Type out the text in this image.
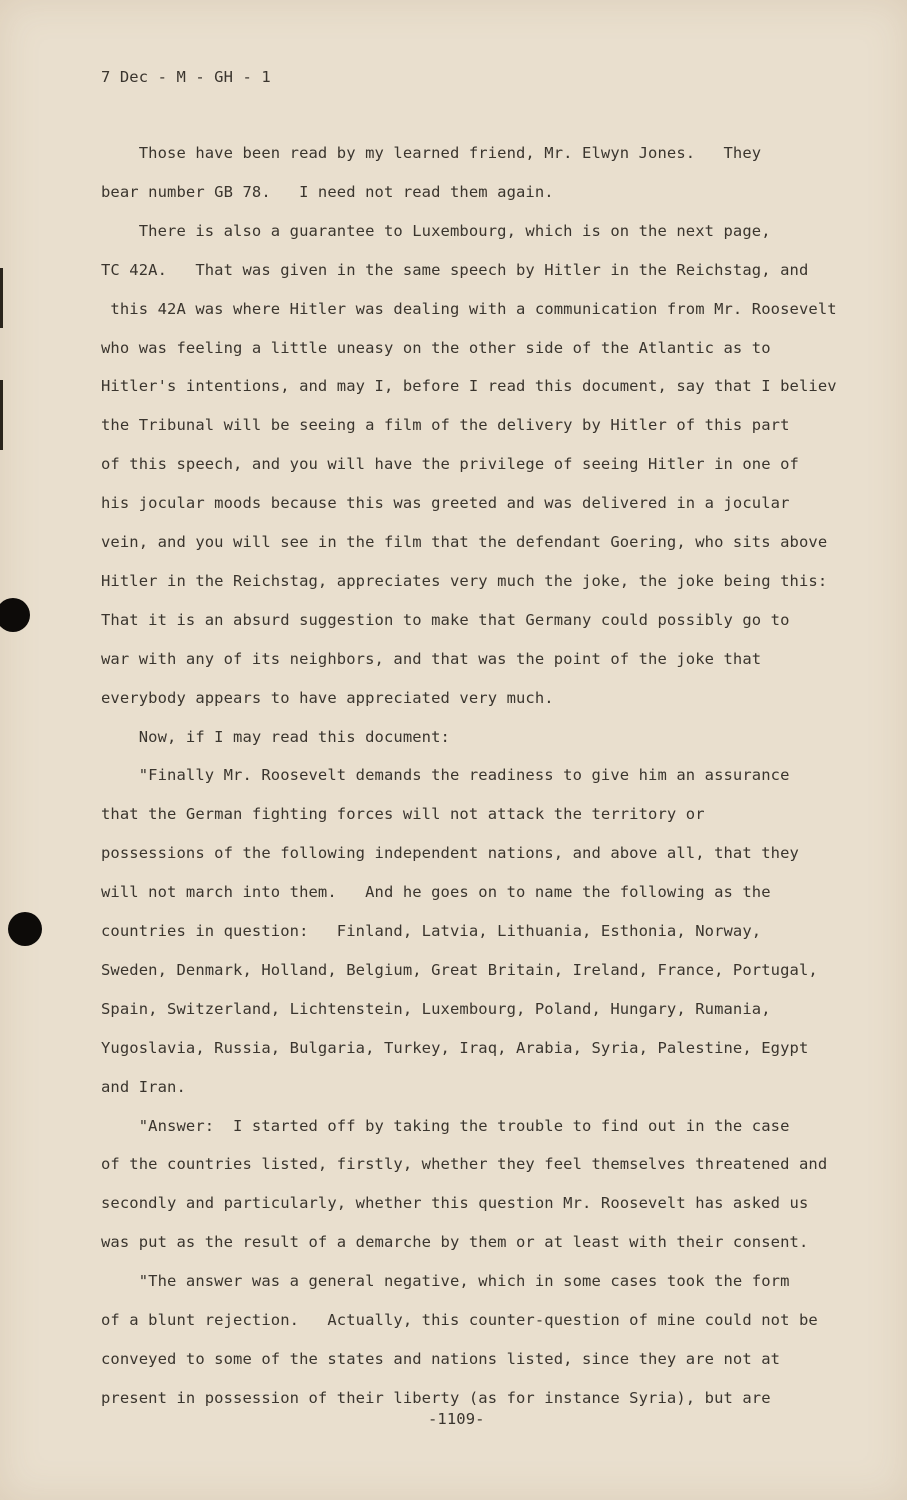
7 Dec - M - GH - 1
Those have been read by my learned friend, Mr. Elwyn Jones.   They
bear number GB 78.   I need not read them again.
There is also a guarantee to Luxembourg, which is on the next page,
TC 42A.   That was given in the same speech by Hitler in the Reichstag, and
this 42A was where Hitler was dealing with a communication from Mr. Roosevelt
who was feeling a little uneasy on the other side of the Atlantic as to
Hitler's intentions, and may I, before I read this document, say that I believ
the Tribunal will be seeing a film of the delivery by Hitler of this part
of this speech, and you will have the privilege of seeing Hitler in one of
his jocular moods because this was greeted and was delivered in a jocular
vein, and you will see in the film that the defendant Goering, who sits above
Hitler in the Reichstag, appreciates very much the joke, the joke being this:
That it is an absurd suggestion to make that Germany could possibly go to
war with any of its neighbors, and that was the point of the joke that
everybody appears to have appreciated very much.
Now, if I may read this document:
"Finally Mr. Roosevelt demands the readiness to give him an assurance
that the German fighting forces will not attack the territory or
possessions of the following independent nations, and above all, that they
will not march into them.   And he goes on to name the following as the
countries in question:   Finland, Latvia, Lithuania, Esthonia, Norway,
Sweden, Denmark, Holland, Belgium, Great Britain, Ireland, France, Portugal,
Spain, Switzerland, Lichtenstein, Luxembourg, Poland, Hungary, Rumania,
Yugoslavia, Russia, Bulgaria, Turkey, Iraq, Arabia, Syria, Palestine, Egypt
and Iran.
"Answer:  I started off by taking the trouble to find out in the case
of the countries listed, firstly, whether they feel themselves threatened and
secondly and particularly, whether this question Mr. Roosevelt has asked us
was put as the result of a demarche by them or at least with their consent.
"The answer was a general negative, which in some cases took the form
of a blunt rejection.   Actually, this counter-question of mine could not be
conveyed to some of the states and nations listed, since they are not at
present in possession of their liberty (as for instance Syria), but are
-1109-
